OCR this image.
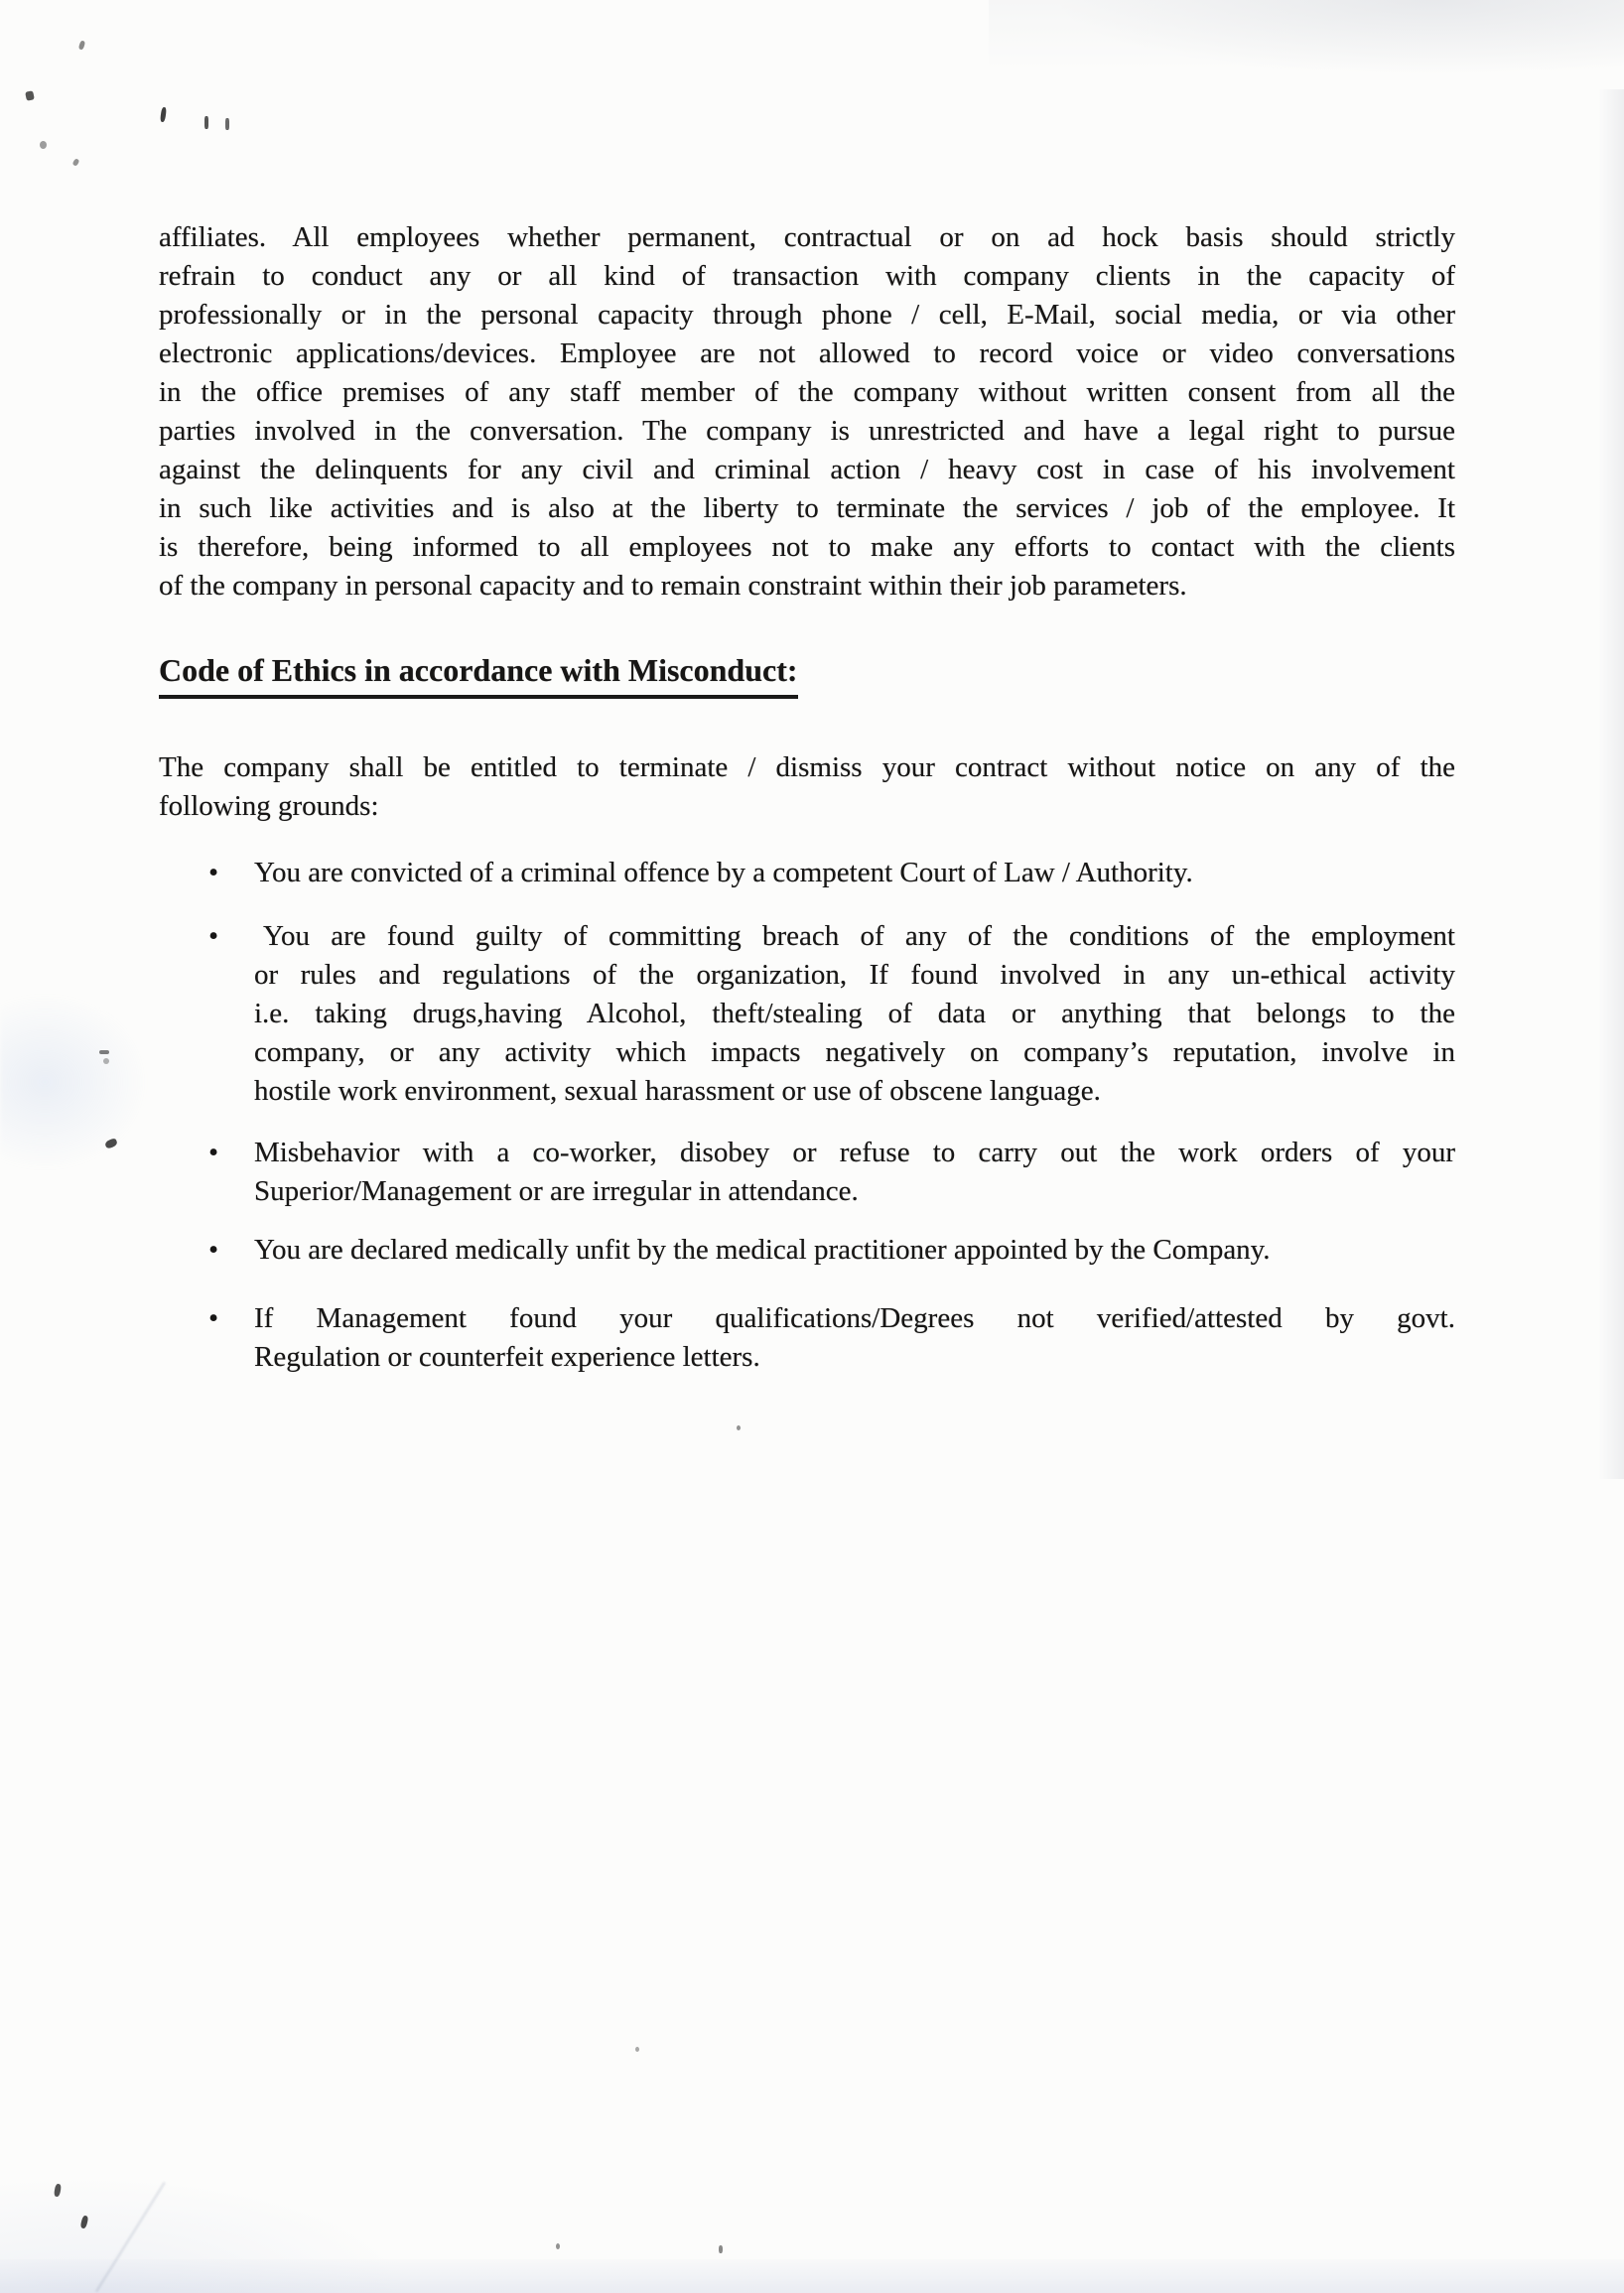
affiliates. All employees whether permanent, contractual or on ad hock basis should strictly
refrain to conduct any or all kind of transaction with company clients in the capacity of
professionally or in the personal capacity through phone / cell, E-Mail, social media, or via other
electronic applications/devices. Employee are not allowed to record voice or video conversations
in the office premises of any staff member of the company without written consent from all the
parties involved in the conversation. The company is unrestricted and have a legal right to pursue
against the delinquents for any civil and criminal action / heavy cost in case of his involvement
in such like activities and is also at the liberty to terminate the services / job of the employee. It
is therefore, being informed to all employees not to make any efforts to contact with the clients
of the company in personal capacity and to remain constraint within their job parameters.
Code of Ethics in accordance with Misconduct:
The company shall be entitled to terminate / dismiss your contract without notice on any of the
following grounds:
• You are convicted of a criminal offence by a competent Court of Law / Authority.
•	You are found guilty of committing breach of any of the conditions of the employment
or rules and regulations of the organization, If found involved in any un-ethical activity
i.e. taking drugs,having Alcohol, theft/stealing of data or anything that belongs to the
company, or any activity which impacts negatively on company’s reputation, involve in
hostile work environment, sexual harassment or use of obscene language.
• Misbehavior with a co-worker, disobey or refuse to carry out the work orders of your
Superior/Management or are irregular in attendance.
• You are declared medically unfit by the medical practitioner appointed by the Company.
• If Management found your qualifications/Degrees not verified/attested by govt.
Regulation or counterfeit experience letters.
